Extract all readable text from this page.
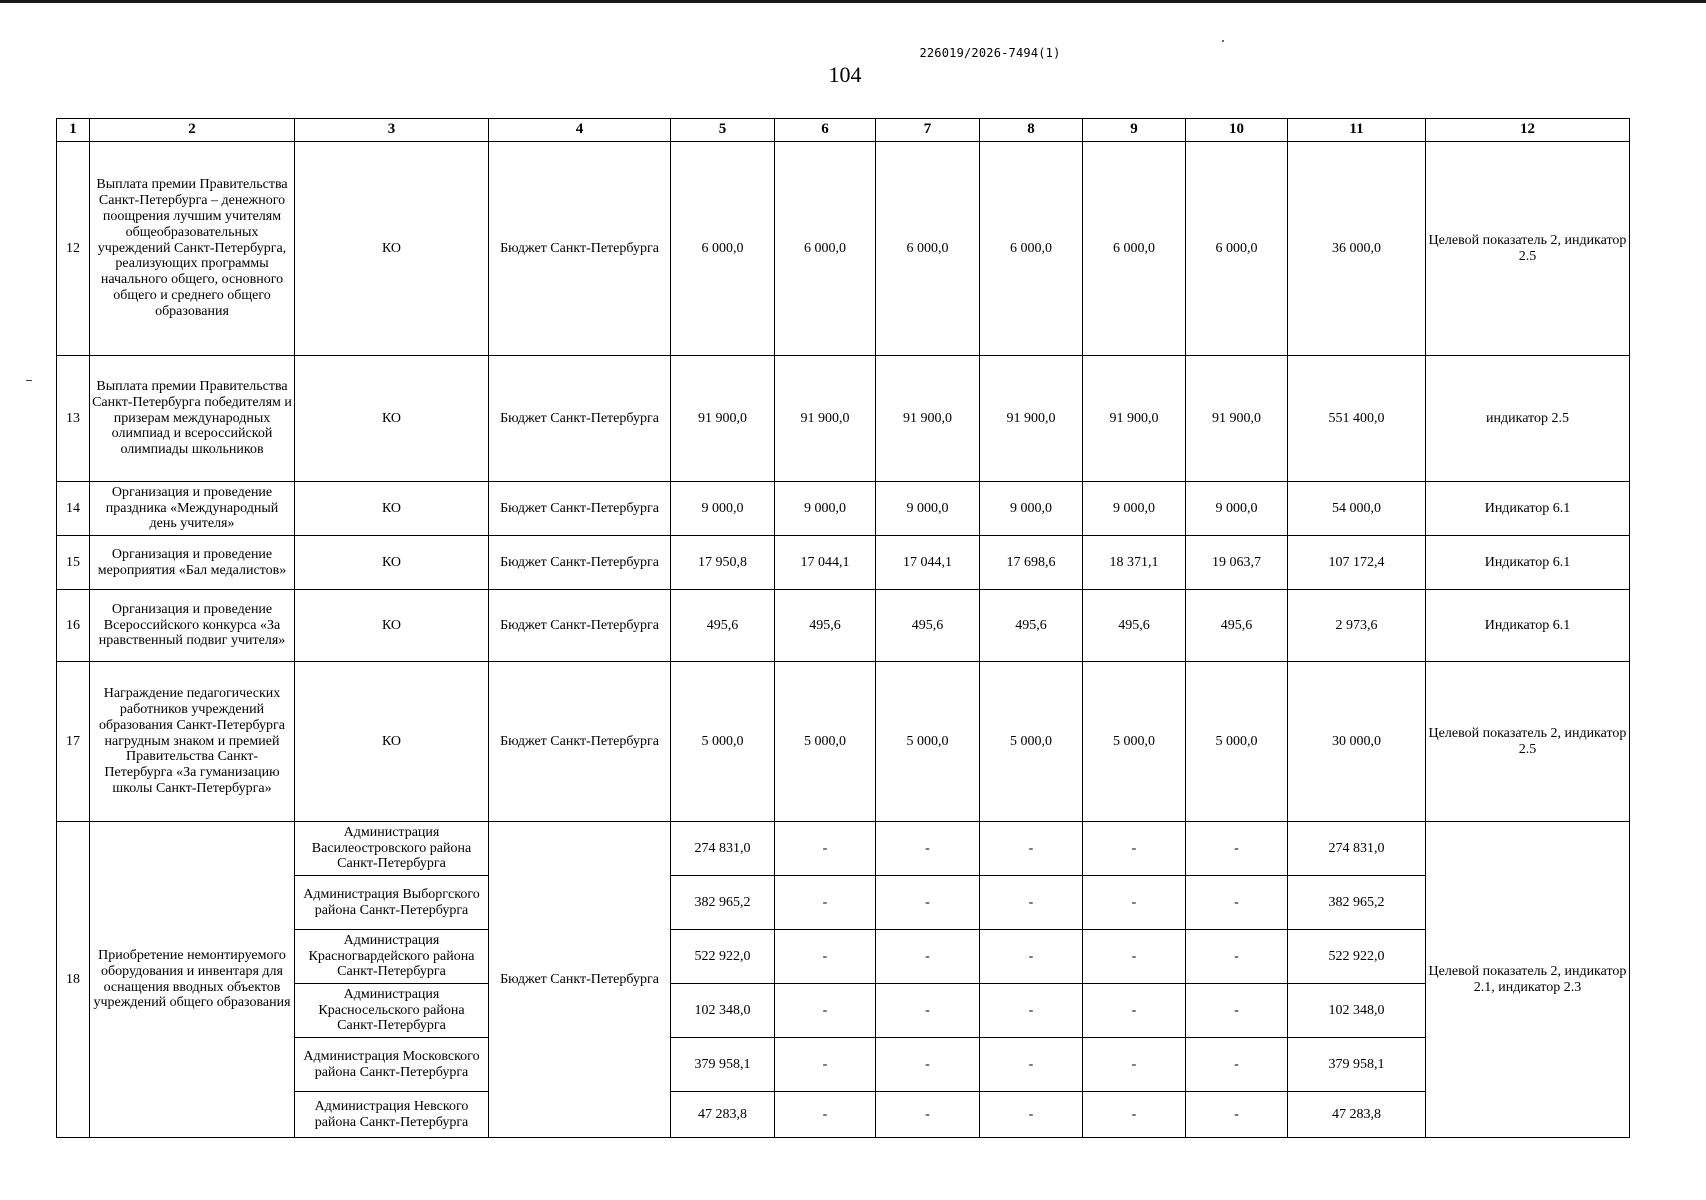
226019/2026-7494(1)
104
1	2	3	4	5	6	7	8	9	10	11	12
12	Выплата премии Правительства Санкт-Петербурга – денежного поощрения лучшим учителям общеобразовательных учреждений Санкт-Петербурга, реализующих программы начального общего, основного общего и среднего общего образования	КО	Бюджет Санкт-Петербурга	6 000,0	6 000,0	6 000,0	6 000,0	6 000,0	6 000,0	36 000,0	Целевой показатель 2, индикатор 2.5
13	Выплата премии Правительства Санкт-Петербурга победителям и призерам международных олимпиад и всероссийской олимпиады школьников	КО	Бюджет Санкт-Петербурга	91 900,0	91 900,0	91 900,0	91 900,0	91 900,0	91 900,0	551 400,0	индикатор 2.5
14	Организация и проведение праздника «Международный день учителя»	КО	Бюджет Санкт-Петербурга	9 000,0	9 000,0	9 000,0	9 000,0	9 000,0	9 000,0	54 000,0	Индикатор 6.1
15	Организация и проведение мероприятия «Бал медалистов»	КО	Бюджет Санкт-Петербурга	17 950,8	17 044,1	17 044,1	17 698,6	18 371,1	19 063,7	107 172,4	Индикатор 6.1
16	Организация и проведение Всероссийского конкурса «За нравственный подвиг учителя»	КО	Бюджет Санкт-Петербурга	495,6	495,6	495,6	495,6	495,6	495,6	2 973,6	Индикатор 6.1
17	Награждение педагогических работников учреждений образования Санкт-Петербурга нагрудным знаком и премией Правительства Санкт-Петербурга «За гуманизацию школы Санкт-Петербурга»	КО	Бюджет Санкт-Петербурга	5 000,0	5 000,0	5 000,0	5 000,0	5 000,0	5 000,0	30 000,0	Целевой показатель 2, индикатор 2.5
18	Приобретение немонтируемого оборудования и инвентаря для оснащения вводных объектов учреждений общего образования	Администрация Василеостровского района Санкт-Петербурга	Бюджет Санкт-Петербурга	274 831,0	-	-	-	-	-	274 831,0	Целевой показатель 2, индикатор 2.1, индикатор 2.3
		Администрация Выборгского района Санкт-Петербурга		382 965,2	-	-	-	-	-	382 965,2	
		Администрация Красногвардейского района Санкт-Петербурга		522 922,0	-	-	-	-	-	522 922,0	
		Администрация Красносельского района Санкт-Петербурга		102 348,0	-	-	-	-	-	102 348,0	
		Администрация Московского района Санкт-Петербурга		379 958,1	-	-	-	-	-	379 958,1	
		Администрация Невского района Санкт-Петербурга		47 283,8	-	-	-	-	-	47 283,8	
